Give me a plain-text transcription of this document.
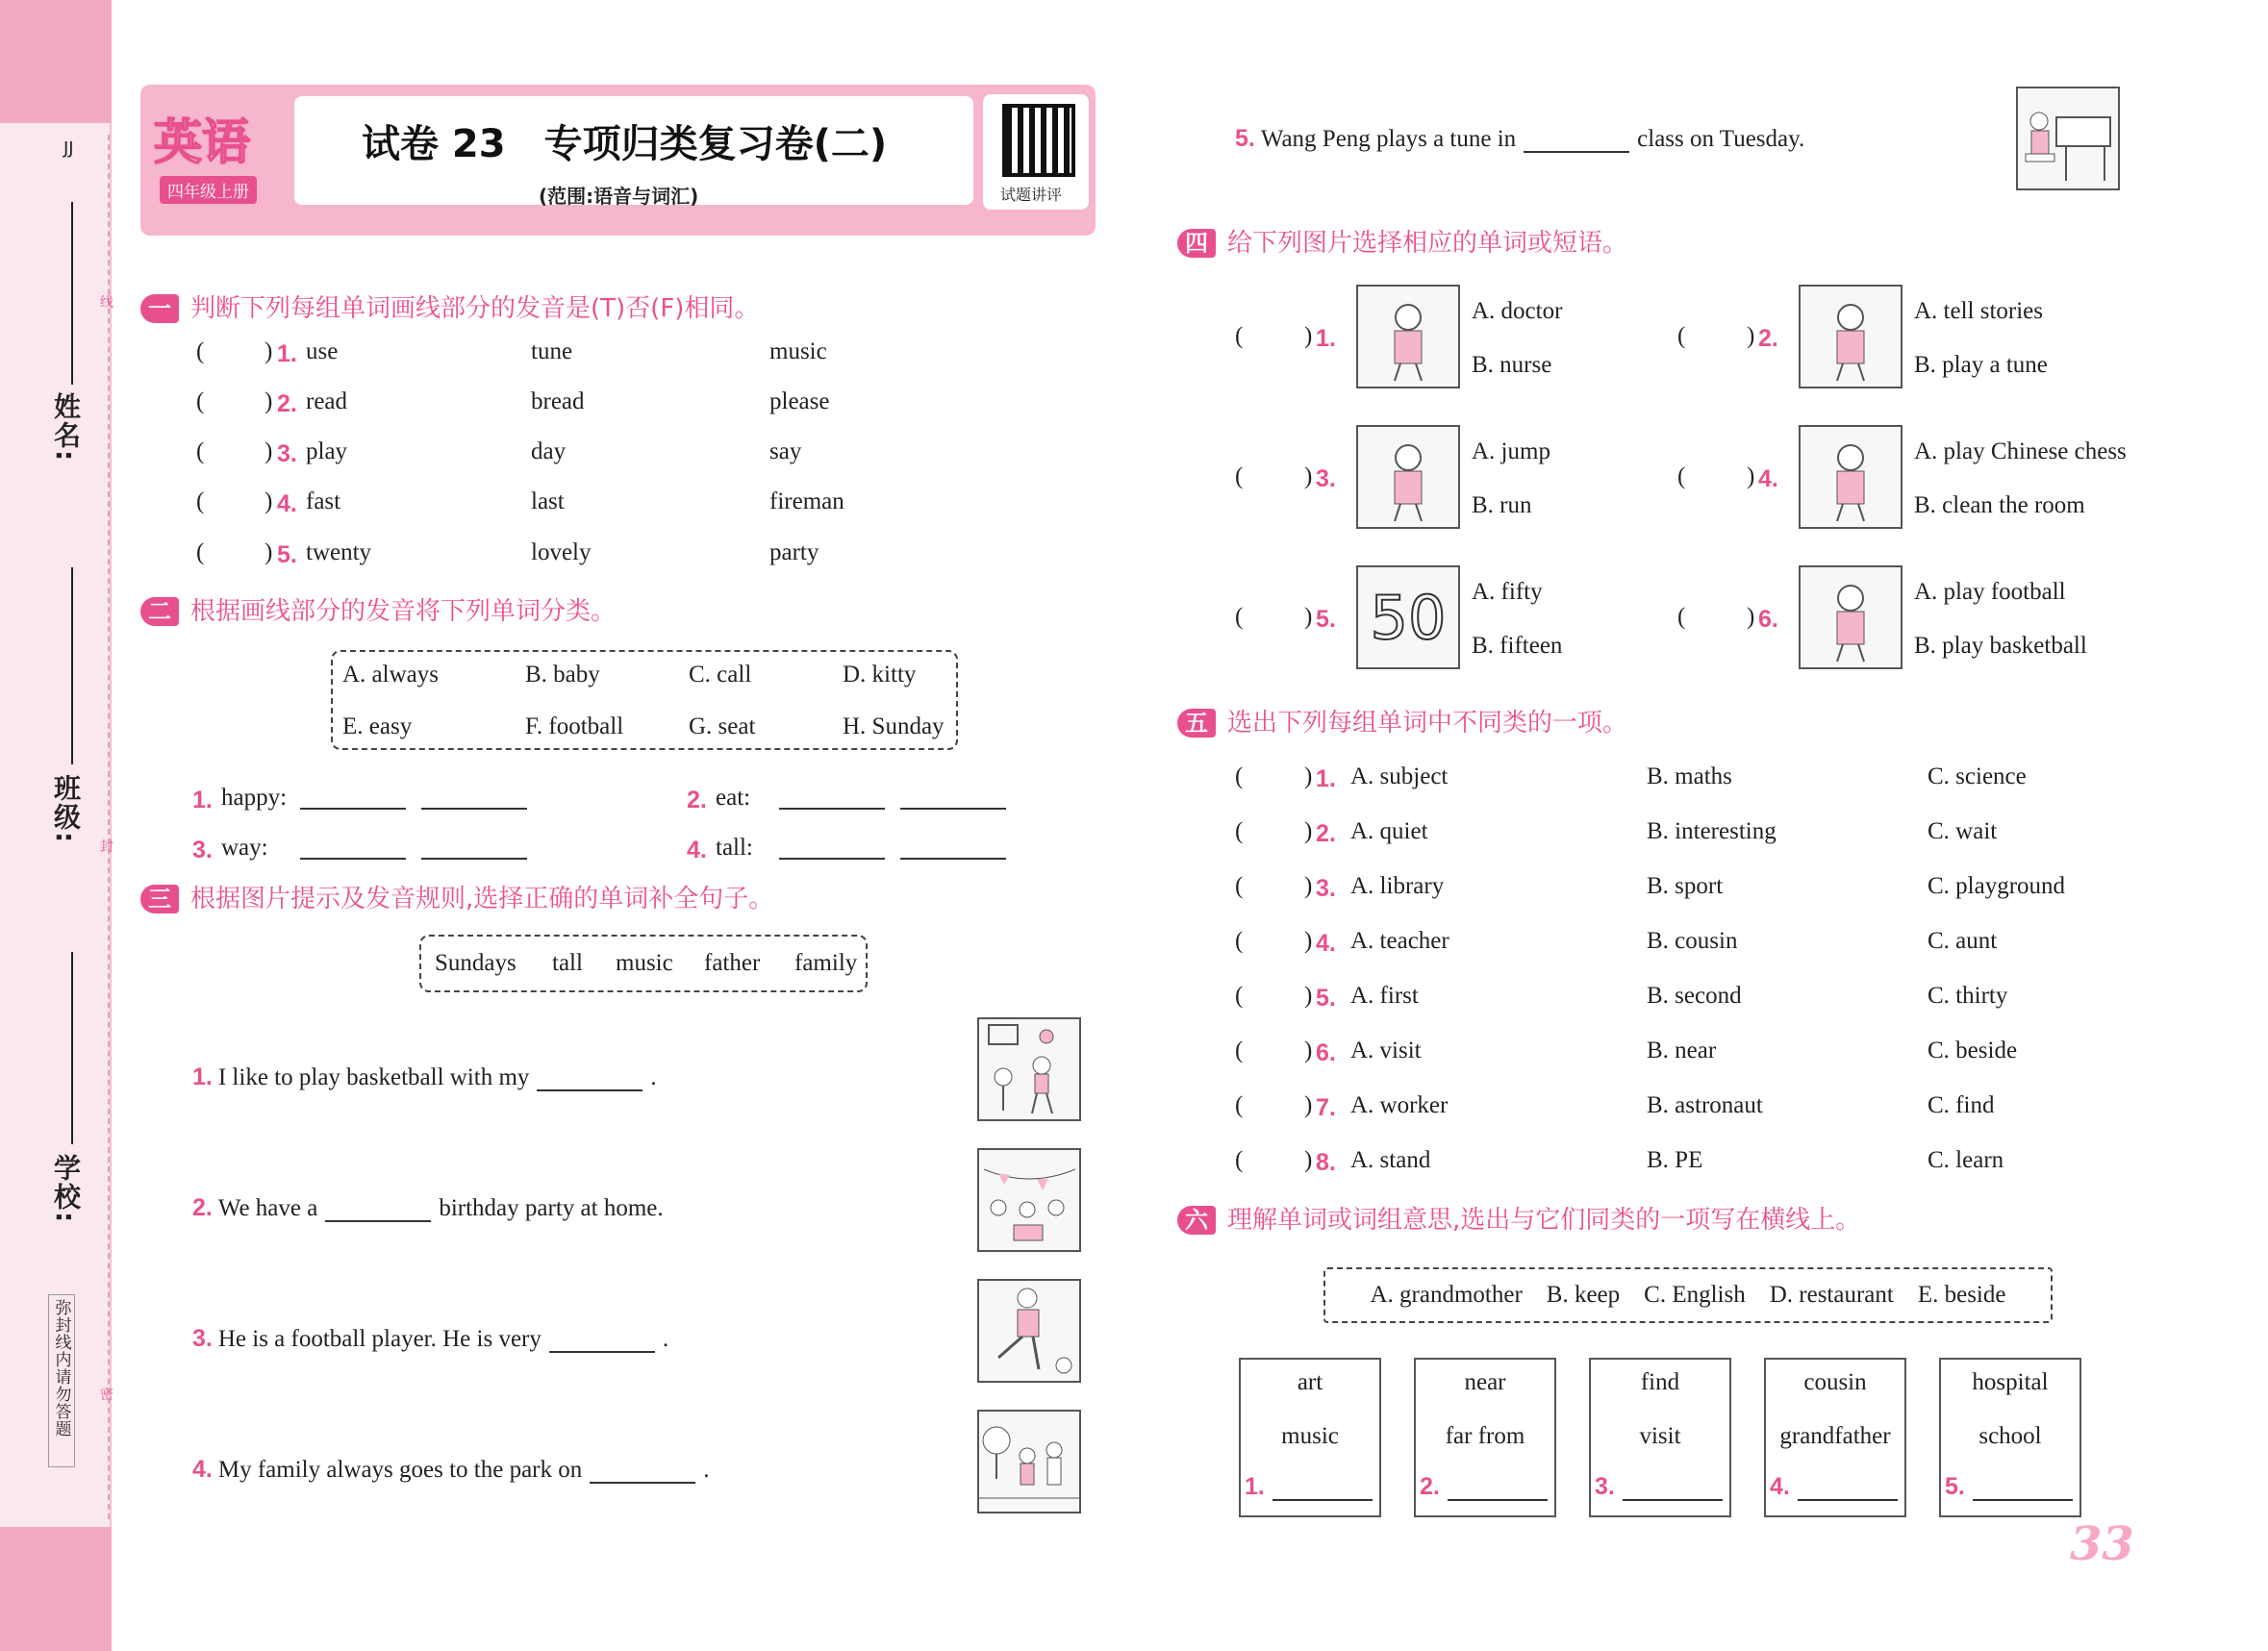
JJ
线
封
密
姓名:
班级:
学校:
弥封线内请勿答题
英语
四年级上册
试卷 23　专项归类复习卷(二)
(范围:语音与词汇)	试题讲评
一 判断下列每组单词画线部分的发音是(T)否(F)相同。
(	) 1. use	tune	music
(	) 2. read	bread	please
(	) 3. play	day	say
(	) 4. fast	last	fireman
(	) 5. twenty	lovely	party
二 根据画线部分的发音将下列单词分类。
A. always	B. baby	C. call	D. kitty
E. easy	F. football	G. seat	H. Sunday
1. happy:	2. eat:
3. way:	4. tall:
三 根据图片提示及发音规则,选择正确的单词补全句子。
Sundays tall music father family
1. I like to play basketball with my	.
2. We have a	birthday party at home.
3. He is a football player. He is very	.
4. My family always goes to the park on	.
5. Wang Peng plays a tune in	class on Tuesday.
四 给下列图片选择相应的单词或短语。
(	) 1.
A. doctor
B. nurse
(	) 2.
A. tell stories
B. play a tune
(	) 3.
A. jump
B. run
(	) 4.
A. play Chinese chess
B. clean the room
(	) 5. 50 A. fifty
B. fifteen
(	) 6.
A. play football
B. play basketball
五 选出下列每组单词中不同类的一项。
(	) 1. A. subject	B. maths	C. science
(	) 2. A. quiet	B. interesting	C. wait
(	) 3. A. library	B. sport	C. playground
(	) 4. A. teacher	B. cousin	C. aunt
(	) 5. A. first	B. second	C. thirty
(	) 6. A. visit	B. near	C. beside
(	) 7. A. worker	B. astronaut	C. find
(	) 8. A. stand	B. PE	C. learn
六 理解单词或词组意思,选出与它们同类的一项写在横线上。
A. grandmother　B. keep　C. English　D. restaurant　E. beside
art
music
1.
near
far from
2.
find
visit
3.
cousin
grandfather
4.
hospital
school
5.
33
